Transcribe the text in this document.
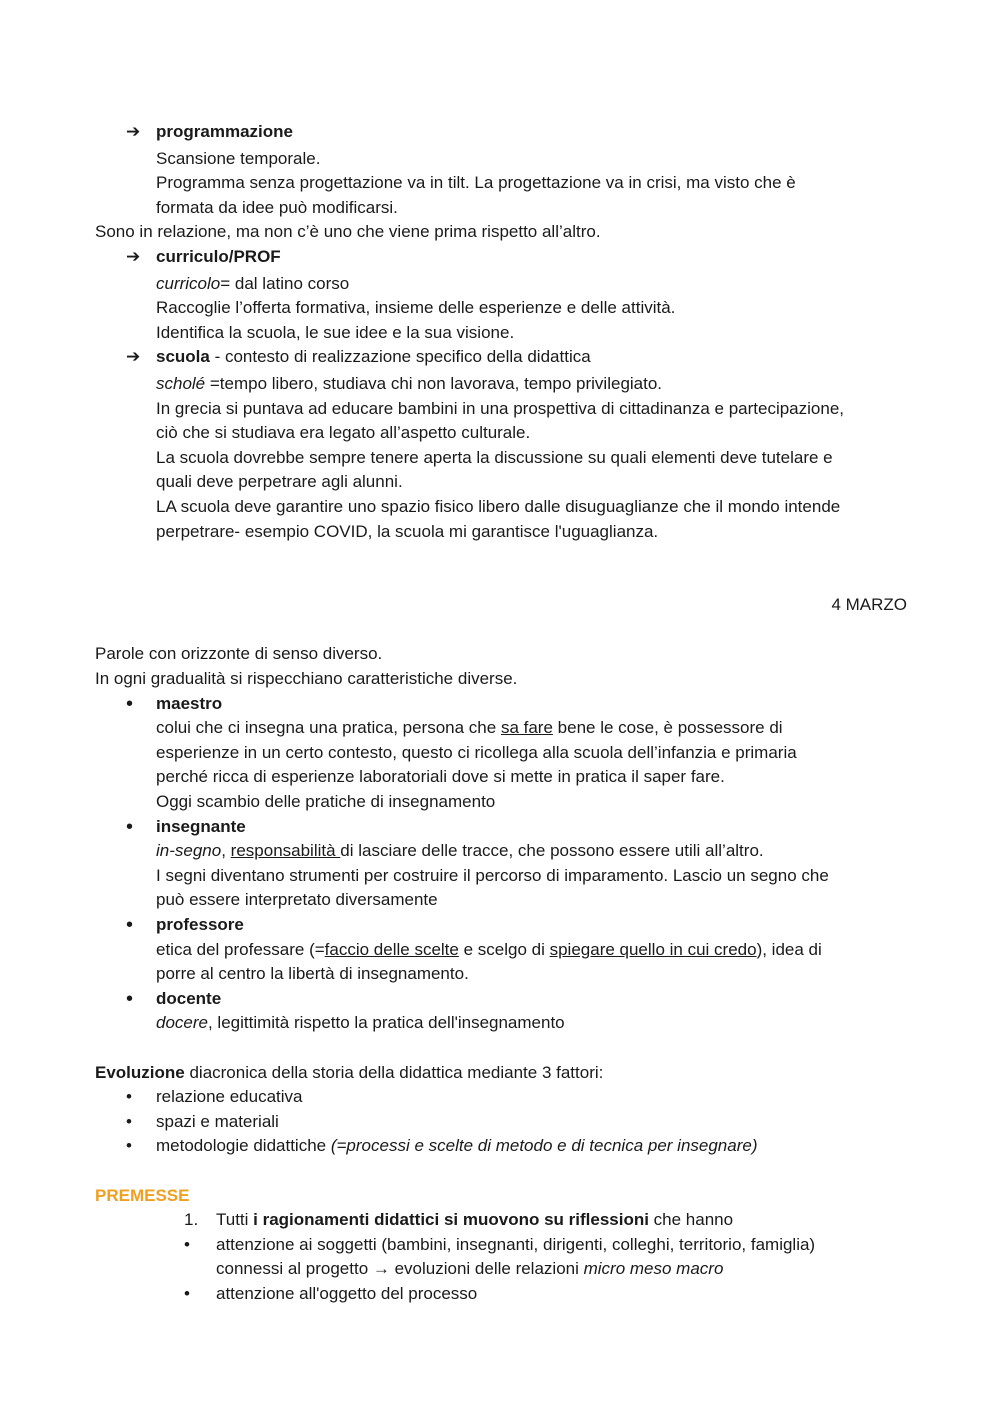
➔ programmazione
Scansione temporale.
Programma senza progettazione va in tilt. La progettazione va in crisi, ma visto che è
formata da idee può modificarsi.
Sono in relazione, ma non c’è uno che viene prima rispetto all’altro.
➔ curriculo/PROF
curricolo= dal latino corso
Raccoglie l’offerta formativa, insieme delle esperienze e delle attività.
Identifica la scuola, le sue idee e la sua visione.
➔ scuola - contesto di realizzazione specifico della didattica
scholé =tempo libero, studiava chi non lavorava, tempo privilegiato.
In grecia si puntava ad educare bambini in una prospettiva di cittadinanza e partecipazione,
ciò che si studiava era legato all’aspetto culturale.
La scuola dovrebbe sempre tenere aperta la discussione su quali elementi deve tutelare e
quali deve perpetrare agli alunni.
LA scuola deve garantire uno spazio fisico libero dalle disuguaglianze che il mondo intende
perpetrare- esempio COVID, la scuola mi garantisce l'uguaglianza.
4 MARZO
Parole con orizzonte di senso diverso.
In ogni gradualità si rispecchiano caratteristiche diverse.
• maestro
colui che ci insegna una pratica, persona che sa fare bene le cose, è possessore di
esperienze in un certo contesto, questo ci ricollega alla scuola dell’infanzia e primaria
perché ricca di esperienze laboratoriali dove si mette in pratica il saper fare.
Oggi scambio delle pratiche di insegnamento
• insegnante
in-segno, responsabilità di lasciare delle tracce, che possono essere utili all’altro.
I segni diventano strumenti per costruire il percorso di imparamento. Lascio un segno che
può essere interpretato diversamente
• professore
etica del professare (=faccio delle scelte e scelgo di spiegare quello in cui credo), idea di
porre al centro la libertà di insegnamento.
• docente
docere, legittimità rispetto la pratica dell'insegnamento
Evoluzione diacronica della storia della didattica mediante 3 fattori:
• relazione educativa
• spazi e materiali
• metodologie didattiche (=processi e scelte di metodo e di tecnica per insegnare)
PREMESSE
1. Tutti i ragionamenti didattici si muovono su riflessioni che hanno
• attenzione ai soggetti (bambini, insegnanti, dirigenti, colleghi, territorio, famiglia)
connessi al progetto → evoluzioni delle relazioni micro meso macro
• attenzione all'oggetto del processo
